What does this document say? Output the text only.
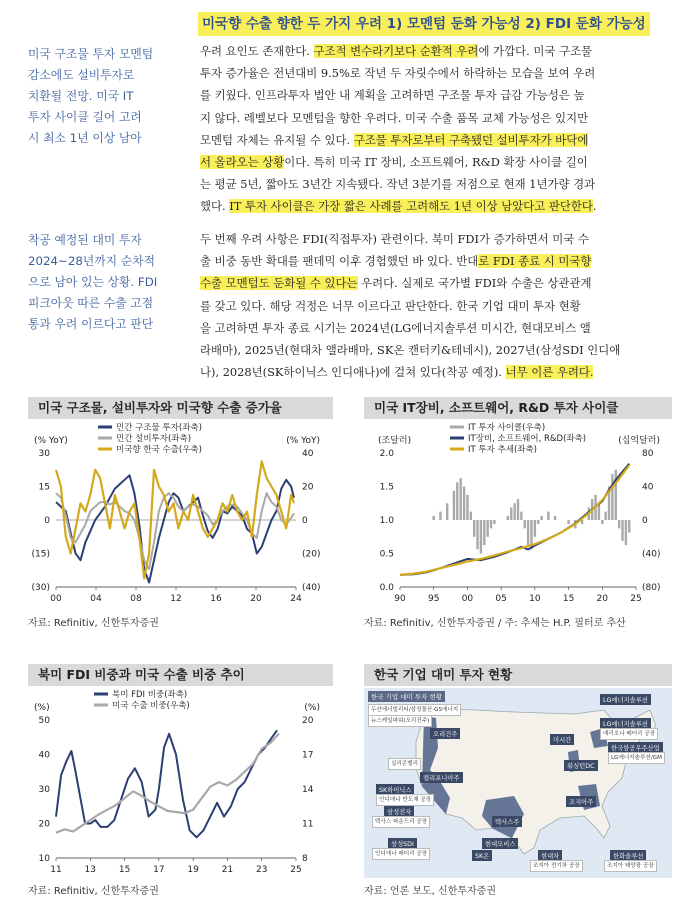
미국향 수출 향한 두 가지 우려 1) 모멘텀 둔화 가능성 2) FDI 둔화 가능성
미국 구조물 투자 모멘텀
감소에도 설비투자로
치환될 전망. 미국 IT
투자 사이클 길어 고려
시 최소 1년 이상 남아
착공 예정된 대미 투자
2024~28년까지 순차적
으로 남아 있는 상황. FDI
피크아웃 따른 수출 고점
통과 우려 이르다고 판단
우려 요인도 존재한다. 구조적 변수라기보다 순환적 우려에 가깝다. 미국 구조물
투자 증가율은 전년대비 9.5%로 작년 두 자릿수에서 하락하는 모습을 보여 우려
를 키웠다. 인프라투자 법안 내 계획을 고려하면 구조물 투자 급감 가능성은 높
지 않다. 레벨보다 모멘텀을 향한 우려다. 미국 수출 품목 교체 가능성은 있지만
모멘텀 자체는 유지될 수 있다. 구조물 투자로부터 구축됐던 설비투자가 바닥에
서 올라오는 상황이다. 특히 미국 IT 장비, 소프트웨어, R&D 확장 사이클 길이
는 평균 5년, 짧아도 3년간 지속됐다. 작년 3분기를 저점으로 현재 1년가량 경과
했다. IT 투자 사이클은 가장 짧은 사례를 고려해도 1년 이상 남았다고 판단한다.
두 번째 우려 사항은 FDI(직접투자) 관련이다. 북미 FDI가 증가하면서 미국 수
출 비중 동반 확대를 팬데믹 이후 경험했던 바 있다. 반대로 FDI 종료 시 미국향
수출 모멘텀도 둔화될 수 있다는 우려다. 실제로 국가별 FDI와 수출은 상관관계
를 갖고 있다. 해당 걱정은 너무 이르다고 판단한다. 한국 기업 대미 투자 현황
을 고려하면 투자 종료 시기는 2024년(LG에너지솔루션 미시간, 현대모비스 앨
라배마), 2025년(현대차 앨라배마, SK온 캔터키&테네시), 2027년(삼성SDI 인디애
나), 2028년(SK하이닉스 인디애나)에 걸쳐 있다(착공 예정). 너무 이른 우려다.
미국 구조물, 설비투자와 미국향 수출 증가율
(% YoY)	(% YoY)
30
15
0
(15)
(30)
40
20
0
(20)
(40)
00	04	08	12	16	20	24
민간 구조물 투자(좌축)
민간 설비투자(좌축)
미국향 한국 수출(우축)
자료: Refinitiv, 신한투자증권
미국 IT장비, 소프트웨어, R&D 투자 사이클
(조달러)	(십억달러)
2.0
1.5
1.0
0.5
0.0
80
40
0
(40)
(80)
90 95 00 05 10 15 20 25
IT 투자 사이클(우축)
IT장비, 소프트웨어, R&D(좌축)
IT 투자 추세(좌축)
자료: Refinitiv, 신한투자증권 / 주: 추세는 H.P. 필터로 추산
북미 FDI 비중과 미국 수출 비중 추이
(%)	(%)
50
40
30
20
10
20
17
14
11
8
11	13	15	17	19	21	23	25
북미 FDI 비중(좌축)
미국 수출 비중(우축)
자료: Refinitiv, 신한투자증권
한국 기업 대미 투자 현황
한국 기업 대미 투자 현황
두산에너빌리티/삼성물산·GS에너지
뉴스케일파워(오리건주)
오리건주
실리콘밸리
캘리포니아주
SK하이닉스
인디애나 반도체 공장
삼성전자
텍사스 파운드리 공장	텍사스주
삼성SDI
인디애나 배터리 공장
LG에너지솔루션
미시간
LG에너지솔루션
애리조나 배터리 공장
조지아주
SK온
한국항공우주산업
LG에너지솔루션/GM
현대차
조지아 전기차 공장
한화솔루션
조지아 태양광 공장
워싱턴DC
현대모비스
자료: 언론 보도, 신한투자증권
